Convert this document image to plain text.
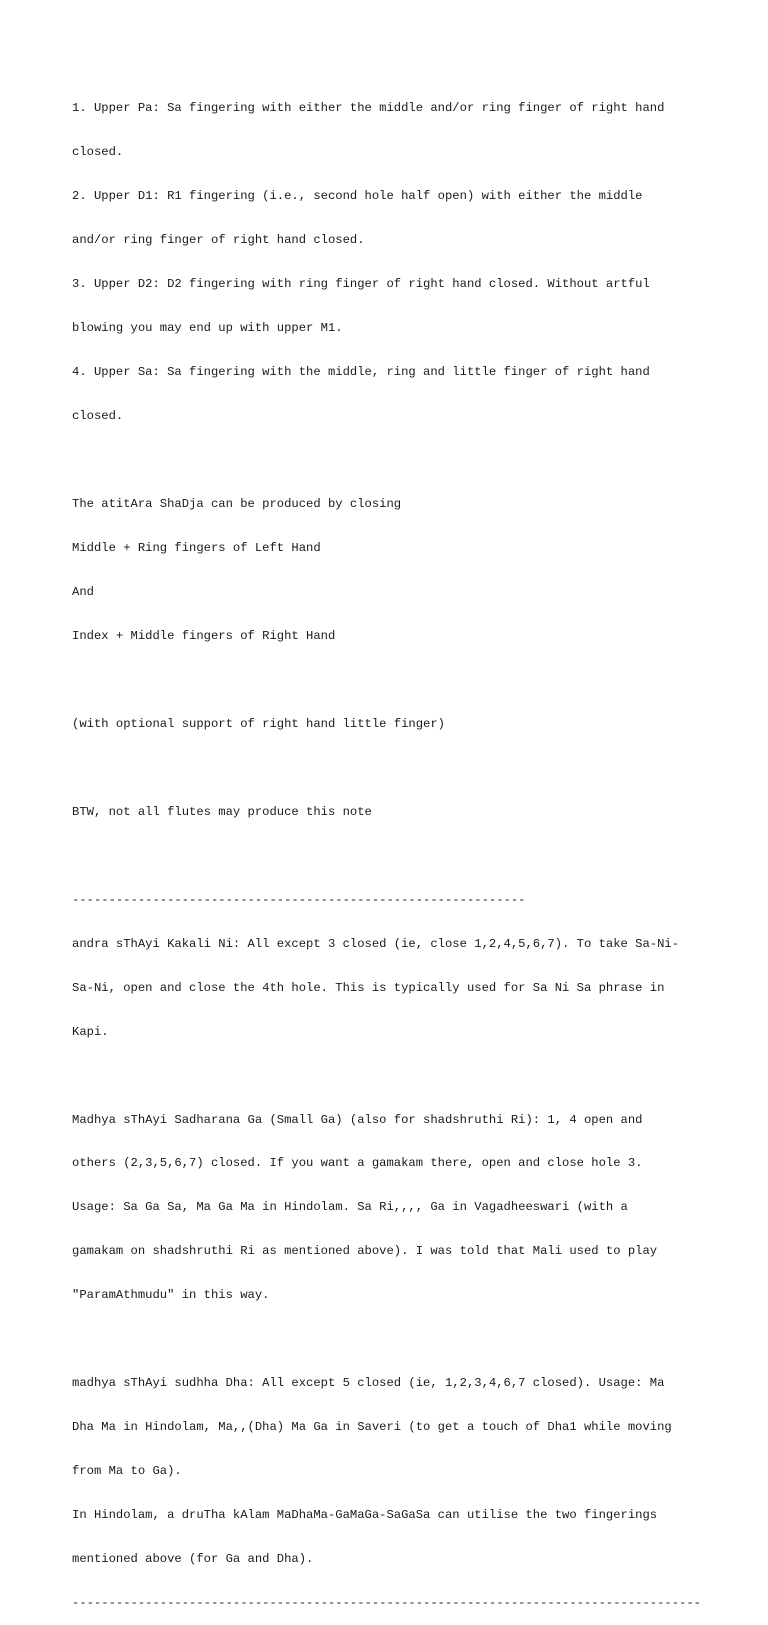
1. Upper Pa: Sa fingering with either the middle and/or ring finger of right hand

closed.

2. Upper D1: R1 fingering (i.e., second hole half open) with either the middle

and/or ring finger of right hand closed.

3. Upper D2: D2 fingering with ring finger of right hand closed. Without artful

blowing you may end up with upper M1.

4. Upper Sa: Sa fingering with the middle, ring and little finger of right hand

closed.

The atitAra ShaDja can be produced by closing

Middle + Ring fingers of Left Hand

And

Index + Middle fingers of Right Hand

(with optional support of right hand little finger)

BTW, not all flutes may produce this note

--------------------------------------------------------------

andra sThAyi Kakali Ni: All except 3 closed (ie, close 1,2,4,5,6,7). To take Sa-Ni-

Sa-Ni, open and close the 4th hole. This is typically used for Sa Ni Sa phrase in

Kapi.

Madhya sThAyi Sadharana Ga (Small Ga) (also for shadshruthi Ri): 1, 4 open and

others (2,3,5,6,7) closed. If you want a gamakam there, open and close hole 3.

Usage: Sa Ga Sa, Ma Ga Ma in Hindolam. Sa Ri,,,, Ga in Vagadheeswari (with a

gamakam on shadshruthi Ri as mentioned above). I was told that Mali used to play

"ParamAthmudu" in this way.

madhya sThAyi sudhha Dha: All except 5 closed (ie, 1,2,3,4,6,7 closed). Usage: Ma

Dha Ma in Hindolam, Ma,,(Dha) Ma Ga in Saveri (to get a touch of Dha1 while moving

from Ma to Ga).

In Hindolam, a druTha kAlam MaDhaMa-GaMaGa-SaGaSa can utilise the two fingerings

mentioned above (for Ga and Dha).

--------------------------------------------------------------------------------------
